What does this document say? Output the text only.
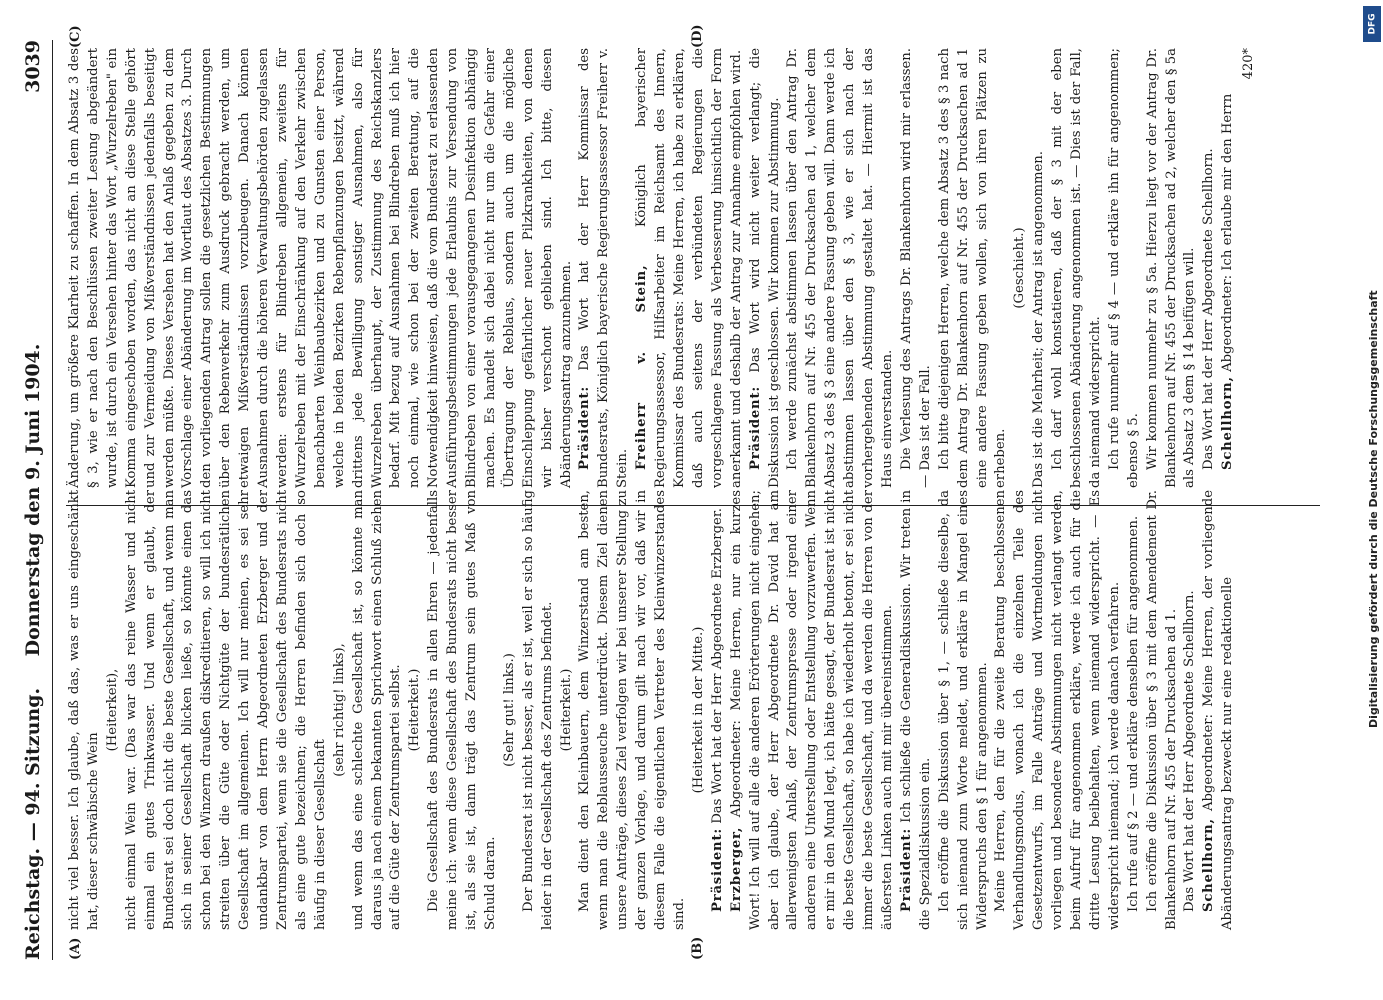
Reichstag. — 94. Sitzung.
Donnerstag den 9. Juni 1904.
3039
(A)	(B)
(C)	(D)

nicht viel besser. Ich glaube, daß das, was er uns eingeschänkt hat, dieser schwäbische Wein

(Heiterkeit), nicht einmal Wein war. (Das war das reine Wasser und nicht einmal ein gutes Trinkwasser. Und wenn er glaubt, der Bundesrat sei doch nicht die beste Gesellschaft, und wenn man sich in seiner Gesellschaft blicken ließe, so könnte einen das schon bei den Winzern draußen diskreditieren, so will ich nicht streiten über die Güte oder Nichtgüte der bundesrätlichen Gesellschaft im allgemeinen. Ich will nur meinen, es sei sehr undankbar von dem Herrn Abgeordneten Erzberger und der Zentrumspartei, wenn sie die Gesellschaft des Bundesrats nicht als eine gute bezeichnen; die Herren befinden sich doch so häufig in dieser Gesellschaft

(sehr richtig! links), und wenn das eine schlechte Gesellschaft ist, so könnte man daraus ja nach einem bekannten Sprichwort einen Schluß ziehen auf die Güte der Zentrumspartei selbst. (Heiterkeit.) Die Gesellschaft des Bundesrats in allen Ehren — jedenfalls meine ich: wenn diese Gesellschaft des Bundesrats nicht besser ist, als sie ist, dann trägt das Zentrum sein gutes Maß von Schuld daran.

(Sehr gut! links.) Der Bundesrat ist nicht besser, als er ist, weil er sich so häufig leider in der Gesellschaft des Zentrums befindet. (Heiterkeit.) Man dient den Kleinbauern, dem Winzerstand am besten, wenn man die Reblausseuche unterdrückt. Diesem Ziel dienen unsere Anträge, dieses Ziel verfolgen wir bei unserer Stellung zu der ganzen Vorlage, und darum gilt nach wir vor, daß wir in diesem Falle die eigentlichen Vertreter des Kleinwinzerstandes sind.

(Heiterkeit in der Mitte.)

Präsident: Das Wort hat der Herr Abgeordnete Erzberger.

Erzberger, Abgeordneter: Meine Herren, nur ein kurzes Wort! Ich will auf alle die anderen Erörterungen nicht eingehen; aber ich glaube, der Herr Abgeordnete Dr. David hat am allerwenigsten Anlaß, der Zentrumspresse oder irgend einer anderen eine Unterstellung oder Entstellung vorzuwerfen. Wenn er mir in den Mund legt, ich hätte gesagt, der Bundesrat ist nicht die beste Gesellschaft, so habe ich wiederholt betont, er sei nicht immer die beste Gesellschaft, und da werden die Herren von der äußersten Linken auch mit mir übereinstimmen. Präsident: Ich schließe die Generaldiskussion. Wir treten in die Spezialdiskussion ein. Ich eröffne die Diskussion über § 1, — schließe dieselbe, da sich niemand zum Worte meldet, und erkläre in Mangel eines Widerspruchs den § 1 für angenommen. Meine Herren, den für die zweite Beratung beschlossenen Verhandlungsmodus, wonach ich die einzelnen Teile des Gesetzentwurfs, im Falle Anträge und Wortmeldungen nicht vorliegen und besondere Abstimmungen nicht verlangt werden, beim Aufruf für angenommen erkläre, werde ich auch für die dritte Lesung beibehalten, wenn niemand widerspricht. — Es widerspricht niemand; ich werde danach verfahren. Ich rufe auf § 2 — und erkläre denselben für angenommen. Ich eröffne die Diskussion über § 3 mit dem Amendement Dr. Blankenhorn auf Nr. 455 der Drucksachen ad 1. Das Wort hat der Herr Abgeordnete Schellhorn. Schellhorn, Abgeordneter: Meine Herren, der vorliegende Abänderungsantrag bezweckt nur eine redaktionelle

Änderung, um größere Klarheit zu schaffen. In dem Absatz 3 des § 3, wie er nach den Beschlüssen zweiter Lesung abgeändert wurde, ist durch ein Versehen hinter das Wort „Wurzelreben" ein Komma eingeschoben worden, das nicht an diese Stelle gehört und zur Vermeidung von Mißverständnissen jedenfalls beseitigt werden müßte. Dieses Versehen hat den Anlaß gegeben zu dem Vorschlage einer Abänderung im Wortlaut des Absatzes 3. Durch den vorliegenden Antrag sollen die gesetzlichen Bestimmungen über den Rebenverkehr zum Ausdruck gebracht werden, um etwaigen Mißverständnissen vorzubeugen. Danach können Ausnahmen durch die höheren Verwaltungsbehörden zugelassen werden: erstens für Blindreben allgemein, zweitens für Wurzelreben mit der Einschränkung auf den Verkehr zwischen benachbarten Weinbaubezirken und zu Gunsten einer Person, welche in beiden Bezirken Rebenpflanzungen besitzt, während drittens jede Bewilligung sonstiger Ausnahmen, also für Wurzelreben überhaupt, der Zustimmung des Reichskanzlers bedarf. Mit bezug auf Ausnahmen bei Blindreben muß ich hier noch einmal, wie schon bei der zweiten Beratung, auf die Notwendigkeit hinweisen, daß die vom Bundesrat zu erlassenden Ausführungsbestimmungen jede Erlaubnis zur Versendung von Blindreben von einer vorausgegangenen Desinfektion abhängig machen. Es handelt sich dabei nicht nur um die Gefahr einer Übertragung der Reblaus, sondern auch um die mögliche Einschleppung gefährlicher neuer Pilzkrankheiten, von denen wir bisher verschont geblieben sind. Ich bitte, diesen Abänderungsantrag anzunehmen. Präsident: Das Wort hat der Herr Kommissar des Bundesrats, Königlich bayerische Regierungsassessor Freiherr v. Stein. Freiherr v. Stein, Königlich bayerischer Regierungsassessor, Hilfsarbeiter im Reichsamt des Innern, Kommissar des Bundesrats: Meine Herren, ich habe zu erklären, daß auch seitens der verbündeten Regierungen die vorgeschlagene Fassung als Verbesserung hinsichtlich der Form anerkannt und deshalb der Antrag zur Annahme empfohlen wird. Präsident: Das Wort wird nicht weiter verlangt; die Diskussion ist geschlossen. Wir kommen zur Abstimmung. Ich werde zunächst abstimmen lassen über den Antrag Dr. Blankenhorn auf Nr. 455 der Drucksachen ad 1, welcher dem Absatz 3 des § 3 eine andere Fassung geben will. Dann werde ich abstimmen lassen über den § 3, wie er sich nach der vorhergehenden Abstimmung gestaltet hat. — Hiermit ist das Haus einverstanden. Die Verlesung des Antrags Dr. Blankenhorn wird mir erlassen. — Das ist der Fall. Ich bitte diejenigen Herren, welche dem Absatz 3 des § 3 nach dem Antrag Dr. Blankenhorn auf Nr. 455 der Drucksachen ad 1 eine andere Fassung geben wollen, sich von ihren Plätzen zu erheben.

(Geschieht.) Das ist die Mehrheit; der Antrag ist angenommen. Ich darf wohl konstatieren, daß der § 3 mit der eben beschlossenen Abänderung angenommen ist. — Dies ist der Fall, da niemand widerspricht. Ich rufe nunmehr auf § 4 — und erkläre ihn für angenommen; ebenso § 5. Wir kommen nunmehr zu § 5a. Hierzu liegt vor der Antrag Dr. Blankenhorn auf Nr. 455 der Drucksachen ad 2, welcher den § 5a als Absatz 3 dem § 14 beifügen will. Das Wort hat der Herr Abgeordnete Schellhorn. Schellhorn, Abgeordneter: Ich erlaube mir den Herrn

420*
DFG
Digitalisierung gefördert durch die Deutsche Forschungsgemeinschaft
